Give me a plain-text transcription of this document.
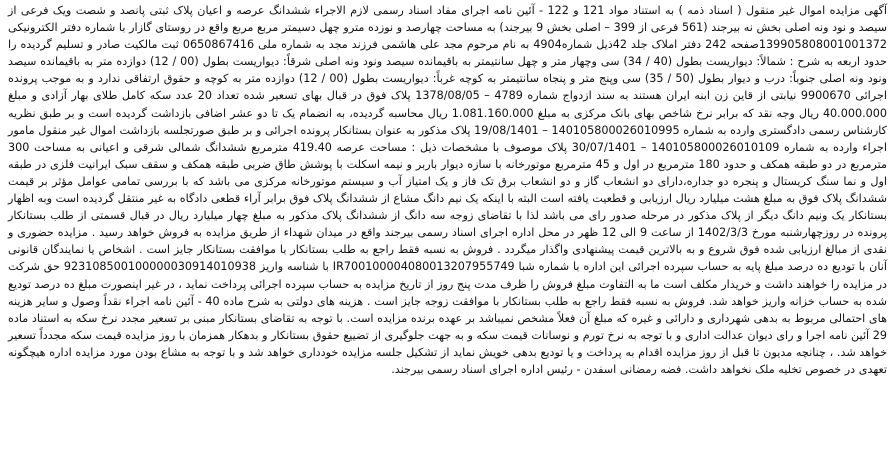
آگهی مزایده اموال غیر منقول ( اسناد ذمه ) به استناد مواد 121 و 122 - آئین نامه اجرای مفاد اسناد رسمی لازم الاجراء ششدانگ عرصه و اعیان پلاک ثبتی پانصد و شصت ویک فرعی از سیصد و نود ونه اصلی بخش نه بیرجند (561 فرعی از 399 – اصلی بخش 9 بیرجند) به مساحت چهارصد و نوزده مترو چهل دسیمتر مربع مربع واقع در روستای گازار با شماره دفتر الکترونیکی 139905808001001372صفحه 242 دفتر املاک جلد 42ذیل شماره4904 به نام مرحوم مجد علی هاشمی فرزند مجد به شماره ملی 0650867416 ثبت مالکیت صادر و تسلیم گردیده را حدود اربعه به شرح : شمالاً: دیواریست بطول (40 / 34) سی وچهار متر و چهل سانتیمتر به باقیمانده سیصد ونود ونه اصلی شرقاً: دیواریست بطول (00 / 12) دوازده متر به باقیمانده سیصد ونود ونه اصلی جنوباً: درب و دیوار بطول (50 / 35) سی وپنج متر و پنجاه سانتیمتر به کوچه غرباً: دیواریست بطول (00 / 12) دوازده متر به کوچه و حقوق ارتفاقی ندارد و به موجب پرونده اجرائی 9900670 نیابتی از قاین زن ابنه ایران هستند به سند ازدواج شماره 4789 – 1378/08/05 پلاک فوق در قبال بهای تسعیر شده تعداد 20 عدد سکه کامل طلای بهار آزادی و مبلغ 40.000.000 ریال وجه نقد که برابر نرخ شاخص بهای بانک مرکزی به مبلغ 1.081.160.000 ریال محاسبه گردیده، به انضمام یک تا دو عشر اضافی بازداشت گردیده است و بر طبق نظریه کارشناس رسمی دادگستری وارده به شماره 140105800026010995 – 19/08/1401 پلاک مذکور به عنوان بستانکار پرونده اجرائی و بر طبق صورتجلسه بازداشت اموال غیر منقول مامور اجراء وارده به شماره 140105800026010109 – 30/07/1401 پلاک موصوف با مشخصات ذیل : مساحت عرصه 419.40 مترمربع ششدانگ شمالی شرقی و اعیانی به مساحت 300 مترمربع در دو طبقه همکف و حدود 180 مترمربع در اول و 45 مترمربع موتورخانه با سازه دیوار باربر و نیمه اسکلت با پوشش طاق ضربی طبقه همکف و سقف سبک ایرانیت فلزی در طبقه اول و نما سنگ کریستال و پنجره دو جداره،دارای دو انشعاب گاز و دو انشعاب برق تک فاز و یک امتیاز آب و سیستم موتورخانه مرکزی می باشد که با بررسی تمامی عوامل مؤثر بر قیمت ششدانگ پلاک فوق به مبلغ هشت میلیارد ریال ارزیابی و قطعیت یافته است البته با اینکه یک نیم دانگ مشاع از ششدانگ پلاک فوق برابر آراء قطعی دادگاه به غیر منتقل گردیده است وبه اظهار بستانکار یک ونیم دانگ دیگر از پلاک مذکور در مرحله صدور رای می باشد لذا با تقاضای زوجه سه دانگ از ششدانگ پلاک مذکور به مبلغ چهار میلیارد ریال در قبال قسمتی از طلب بستانکار پرونده در روزچهارشنبه مورخ 1402/3/3 از ساعت 9 الی 12 ظهر در محل اداره اجرای اسناد رسمی بیرجند واقع در میدان شهداء از طریق مزایده به فروش خواهد رسید . مزایده حضوری و نقدی از مبالغ ارزیابی شده فوق شروع و به بالاترین قیمت پیشنهادی واگذار میگردد . فروش به نسبه فقط راجع به طلب بستانکار با موافقت بستانکار جایز است . اشخاص یا نمایندگان قانونی آنان با تودیع ده درصد مبلغ پایه به حساب سپرده اجرائی این اداره با شماره شبا IR700100004080013207955749 با شناسه واریز 923108500100000030914010938 حق شرکت در مزایده را خواهند داشت و خریدار مکلف است ما به التفاوت مبلغ فروش را ظرف مدت پنج روز از تاریخ مزایده به حساب سپرده اجرائی پرداخت نماید ، در غیر اینصورت مبلغ ده درصد تودیع شده به حساب خزانه واریز خواهد شد. فروش به نسبه فقط راجع به طلب بستانکار با موافقت زوجه جایز است . هزینه های دولتی به شرح ماده 40 - آئین نامه اجراء نقداً وصول و سایر هزینه های احتمالی مربوط به بدهی شهرداری و دارائی و غیره که مبلغ آن فعلاً مشخص نمیباشد بر عهده برنده مزایده است. با توجه به تقاضای بستانکار مبنی بر تسعیر مجدد نرخ سکه به استناد ماده 29 آئین نامه اجرا و رای دیوان عدالت اداری و با توجه به نرخ تورم و نوسانات قیمت سکه و به جهت جلوگیری از تضییع حقوق بستانکار و بدهکار همزمان با روز مزایده قیمت سکه مجدداً تسعیر خواهد شد. ، چنانچه مدیون تا قبل از روز مزایده اقدام به پرداخت و یا تودیع بدهی خویش نماید از تشکیل جلسه مزایده خودداری خواهد شد و با توجه به مشاع بودن مورد مزایده اداره هیچگونه تعهدی در خصوص تخلیه ملک نخواهد داشت. فضه رمضانی اسفدن - رئیس اداره اجرای اسناد رسمی بیرجند.
